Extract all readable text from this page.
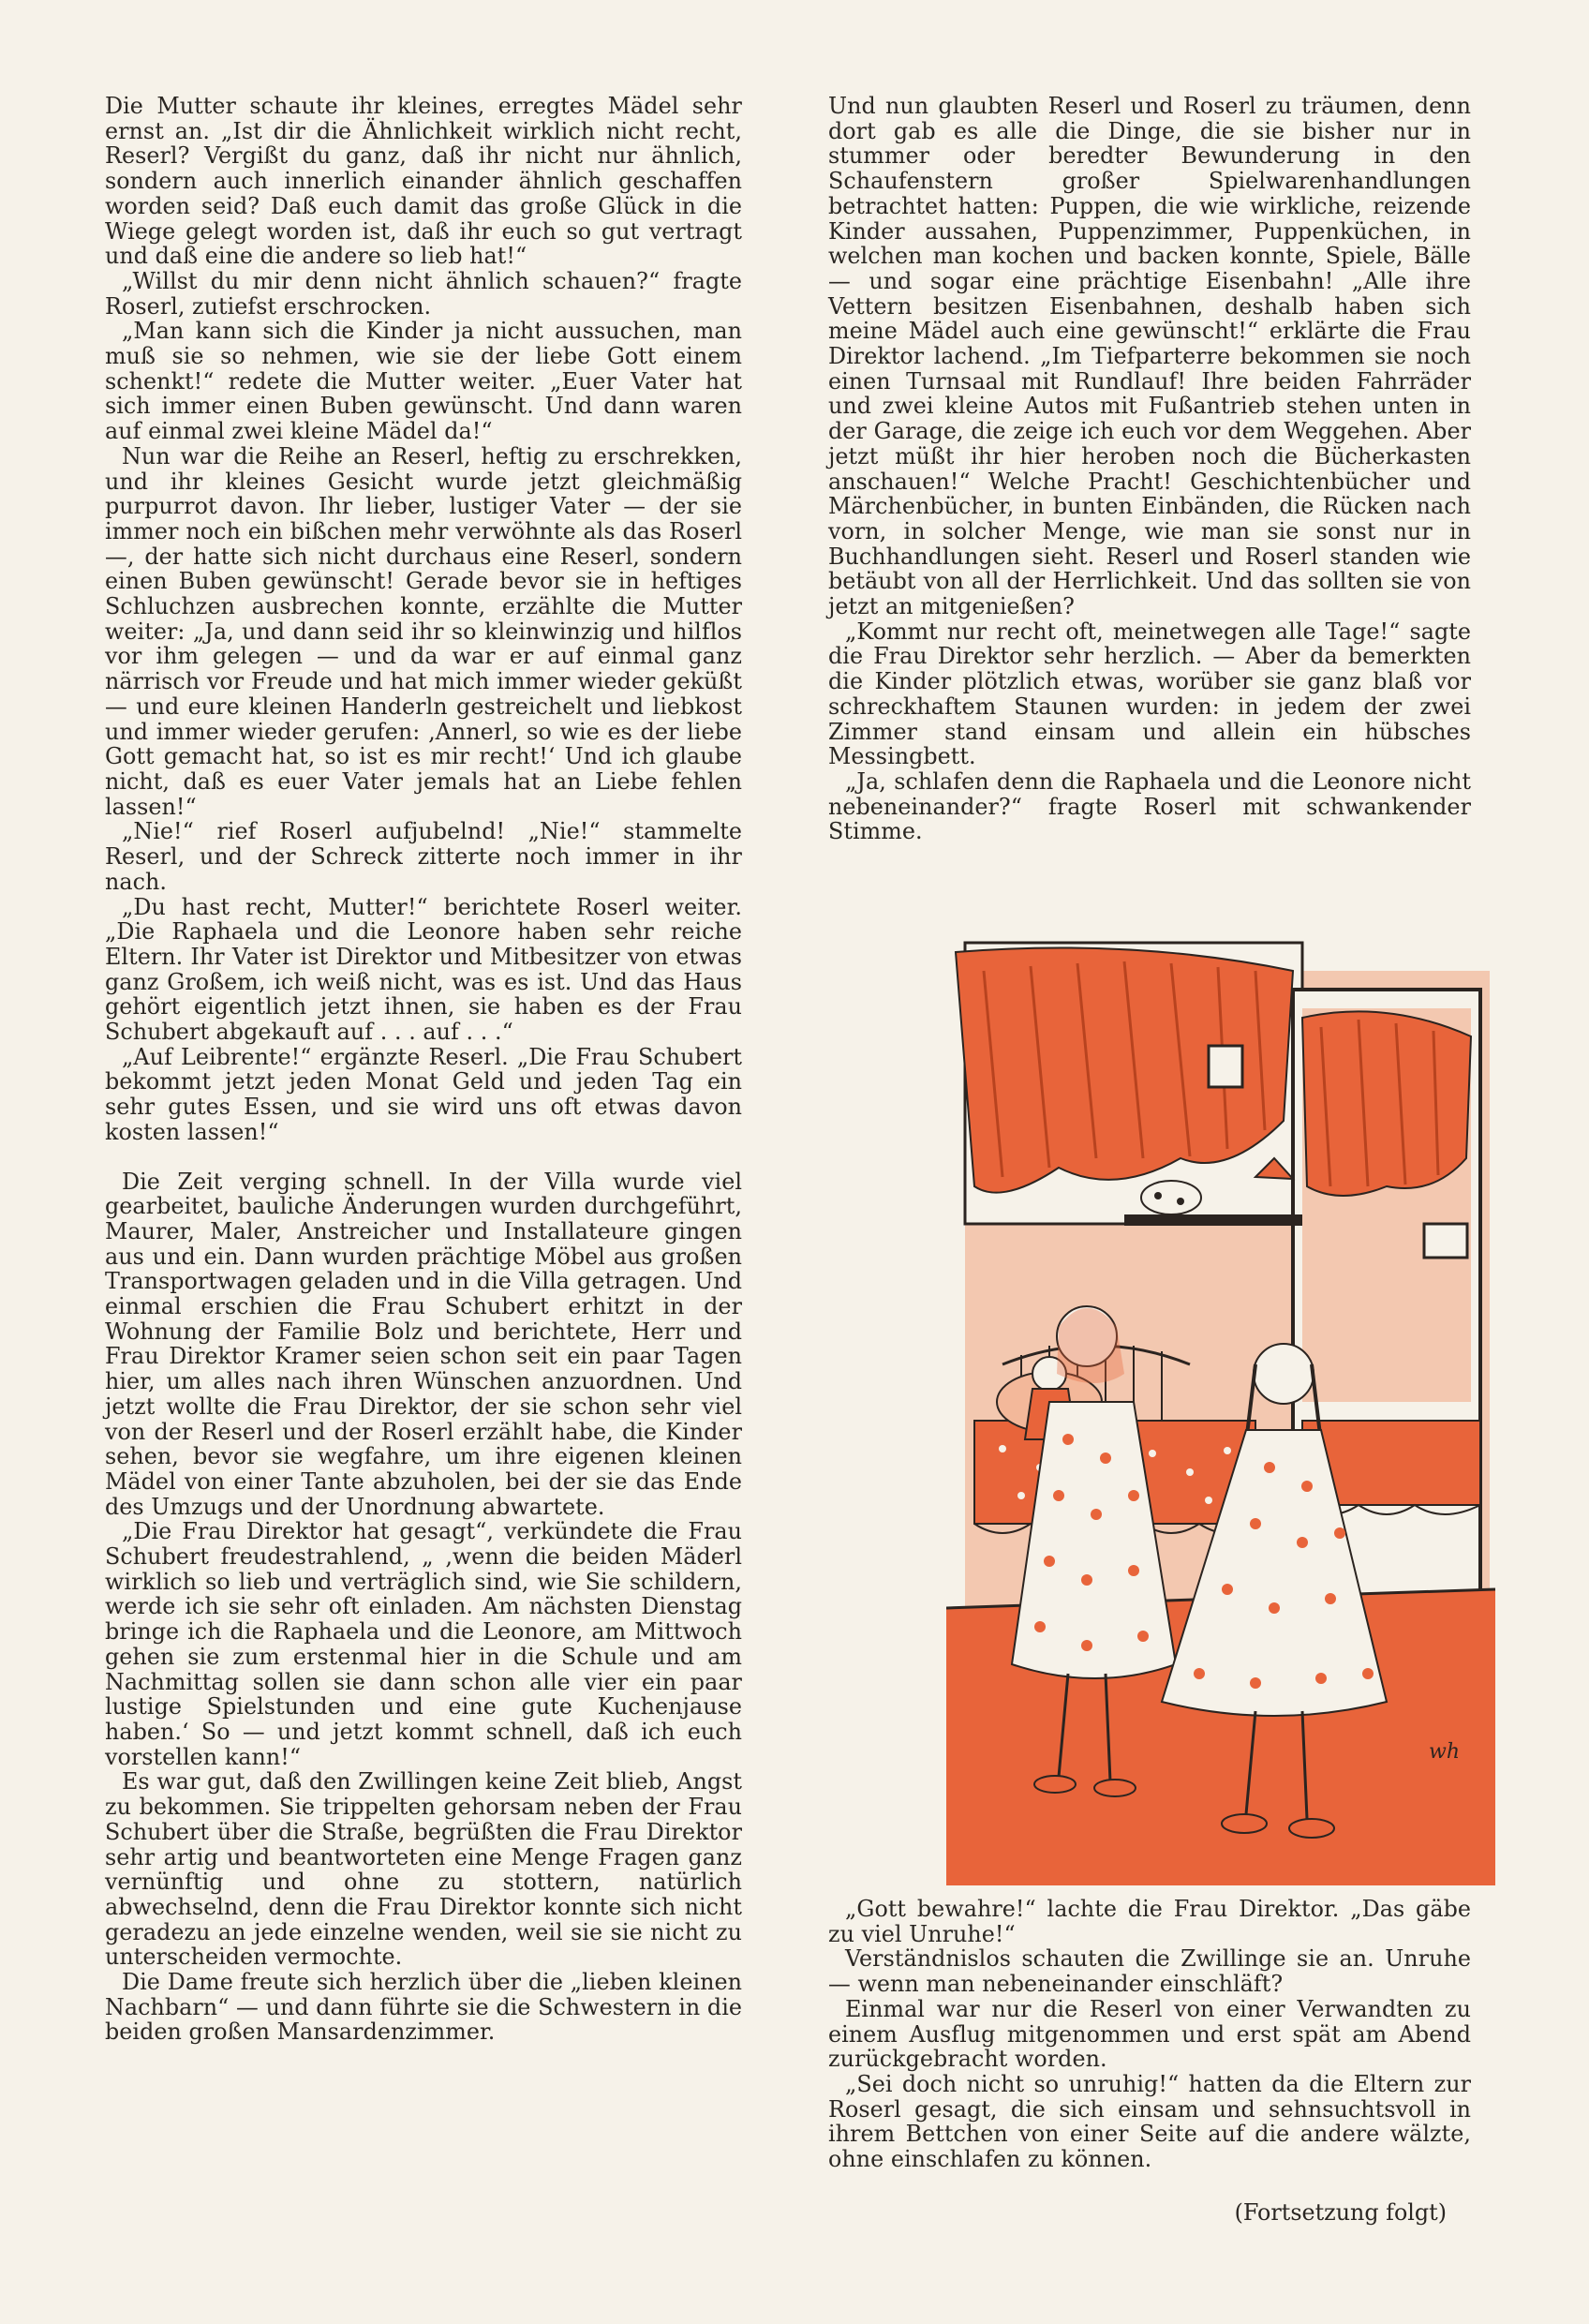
Die Mutter schaute ihr kleines, erregtes Mädel sehr ernst an. „Ist dir die Ähnlichkeit wirklich nicht recht, Reserl? Vergißt du ganz, daß ihr nicht nur ähnlich, sondern auch innerlich einander ähnlich geschaffen worden seid? Daß euch damit das große Glück in die Wiege gelegt worden ist, daß ihr euch so gut vertragt und daß eine die andere so lieb hat!“

„Willst du mir denn nicht ähnlich schauen?“ fragte Roserl, zutiefst erschrocken.

„Man kann sich die Kinder ja nicht aussuchen, man muß sie so nehmen, wie sie der liebe Gott einem schenkt!“ redete die Mutter weiter. „Euer Vater hat sich immer einen Buben gewünscht. Und dann waren auf einmal zwei kleine Mädel da!“

Nun war die Reihe an Reserl, heftig zu erschrekken, und ihr kleines Gesicht wurde jetzt gleichmäßig purpurrot davon. Ihr lieber, lustiger Vater — der sie immer noch ein bißchen mehr verwöhnte als das Roserl —, der hatte sich nicht durchaus eine Reserl, sondern einen Buben gewünscht! Gerade bevor sie in heftiges Schluchzen ausbrechen konnte, erzählte die Mutter weiter: „Ja, und dann seid ihr so kleinwinzig und hilflos vor ihm gelegen — und da war er auf einmal ganz närrisch vor Freude und hat mich immer wieder geküßt — und eure kleinen Handerln gestreichelt und liebkost und immer wieder gerufen: ‚Annerl, so wie es der liebe Gott gemacht hat, so ist es mir recht!‘ Und ich glaube nicht, daß es euer Vater jemals hat an Liebe fehlen lassen!“

„Nie!“ rief Roserl aufjubelnd! „Nie!“ stammelte Reserl, und der Schreck zitterte noch immer in ihr nach.

„Du hast recht, Mutter!“ berichtete Roserl weiter. „Die Raphaela und die Leonore haben sehr reiche Eltern. Ihr Vater ist Direktor und Mitbesitzer von etwas ganz Großem, ich weiß nicht, was es ist. Und das Haus gehört eigentlich jetzt ihnen, sie haben es der Frau Schubert abgekauft auf . . . auf . . .“

„Auf Leibrente!“ ergänzte Reserl. „Die Frau Schubert bekommt jetzt jeden Monat Geld und jeden Tag ein sehr gutes Essen, und sie wird uns oft etwas davon kosten lassen!“

Die Zeit verging schnell. In der Villa wurde viel gearbeitet, bauliche Änderungen wurden durchgeführt, Maurer, Maler, Anstreicher und Installateure gingen aus und ein. Dann wurden prächtige Möbel aus großen Transportwagen geladen und in die Villa getragen. Und einmal erschien die Frau Schubert erhitzt in der Wohnung der Familie Bolz und berichtete, Herr und Frau Direktor Kramer seien schon seit ein paar Tagen hier, um alles nach ihren Wünschen anzuordnen. Und jetzt wollte die Frau Direktor, der sie schon sehr viel von der Reserl und der Roserl erzählt habe, die Kinder sehen, bevor sie wegfahre, um ihre eigenen kleinen Mädel von einer Tante abzuholen, bei der sie das Ende des Umzugs und der Unordnung abwartete.

„Die Frau Direktor hat gesagt“, verkündete die Frau Schubert freudestrahlend, „ ‚wenn die beiden Mäderl wirklich so lieb und verträglich sind, wie Sie schildern, werde ich sie sehr oft einladen. Am nächsten Dienstag bringe ich die Raphaela und die Leonore, am Mittwoch gehen sie zum erstenmal hier in die Schule und am Nachmittag sollen sie dann schon alle vier ein paar lustige Spielstunden und eine gute Kuchenjause haben.‘ So — und jetzt kommt schnell, daß ich euch vorstellen kann!“

Es war gut, daß den Zwillingen keine Zeit blieb, Angst zu bekommen. Sie trippelten gehorsam neben der Frau Schubert über die Straße, begrüßten die Frau Direktor sehr artig und beantworteten eine Menge Fragen ganz vernünftig und ohne zu stottern, natürlich abwechselnd, denn die Frau Direktor konnte sich nicht geradezu an jede einzelne wenden, weil sie sie nicht zu unterscheiden vermochte.

Die Dame freute sich herzlich über die „lieben kleinen Nachbarn“ — und dann führte sie die Schwestern in die beiden großen Mansardenzimmer.

Und nun glaubten Reserl und Roserl zu träumen, denn dort gab es alle die Dinge, die sie bisher nur in stummer oder beredter Bewunderung in den Schaufenstern großer Spielwarenhandlungen betrachtet hatten: Puppen, die wie wirkliche, reizende Kinder aussahen, Puppenzimmer, Puppenküchen, in welchen man kochen und backen konnte, Spiele, Bälle — und sogar eine prächtige Eisenbahn! „Alle ihre Vettern besitzen Eisenbahnen, deshalb haben sich meine Mädel auch eine gewünscht!“ erklärte die Frau Direktor lachend. „Im Tiefparterre bekommen sie noch einen Turnsaal mit Rundlauf! Ihre beiden Fahrräder und zwei kleine Autos mit Fußantrieb stehen unten in der Garage, die zeige ich euch vor dem Weggehen. Aber jetzt müßt ihr hier heroben noch die Bücherkasten anschauen!“ Welche Pracht! Geschichtenbücher und Märchenbücher, in bunten Einbänden, die Rücken nach vorn, in solcher Menge, wie man sie sonst nur in Buchhandlungen sieht. Reserl und Roserl standen wie betäubt von all der Herrlichkeit. Und das sollten sie von jetzt an mitgenießen?

„Kommt nur recht oft, meinetwegen alle Tage!“ sagte die Frau Direktor sehr herzlich. — Aber da bemerkten die Kinder plötzlich etwas, worüber sie ganz blaß vor schreckhaftem Staunen wurden: in jedem der zwei Zimmer stand einsam und allein ein hübsches Messingbett.

„Ja, schlafen denn die Raphaela und die Leonore nicht nebeneinander?“ fragte Roserl mit schwankender Stimme.

wh

„Gott bewahre!“ lachte die Frau Direktor. „Das gäbe zu viel Unruhe!“

Verständnislos schauten die Zwillinge sie an. Unruhe — wenn man nebeneinander einschläft?

Einmal war nur die Reserl von einer Verwandten zu einem Ausflug mitgenommen und erst spät am Abend zurückgebracht worden.

„Sei doch nicht so unruhig!“ hatten da die Eltern zur Roserl gesagt, die sich einsam und sehnsuchtsvoll in ihrem Bettchen von einer Seite auf die andere wälzte, ohne einschlafen zu können.

(Fortsetzung folgt)
